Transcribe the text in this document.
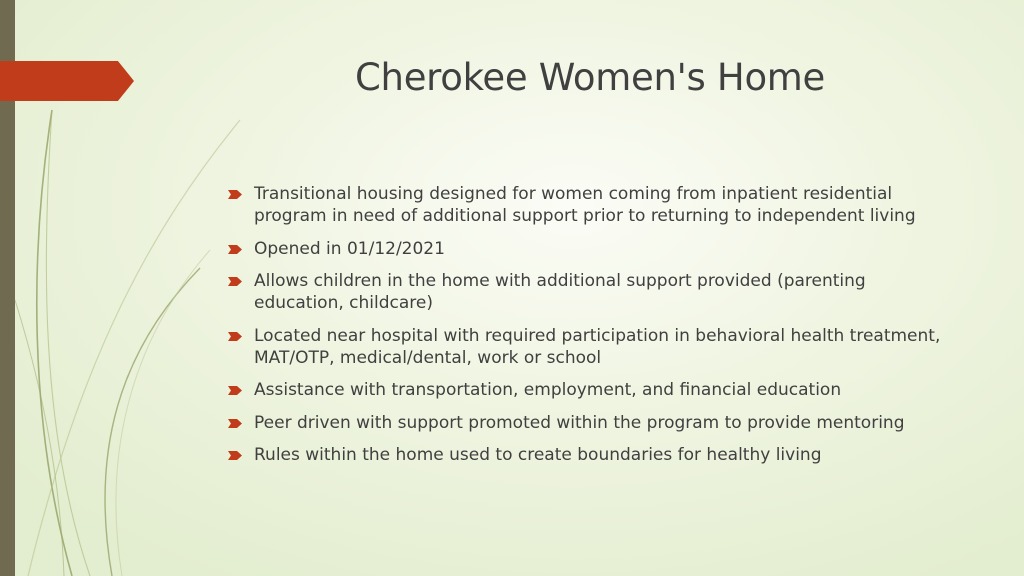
Cherokee Women's Home
Transitional housing designed for women coming from inpatient residential program in need of additional support prior to returning to independent living
Opened in 01/12/2021
Allows children in the home with additional support provided (parenting education, childcare)
Located near hospital with required participation in behavioral health treatment, MAT/OTP, medical/dental, work or school
Assistance with transportation, employment, and financial education
Peer driven with support promoted within the program to provide mentoring
Rules within the home used to create boundaries for healthy living
